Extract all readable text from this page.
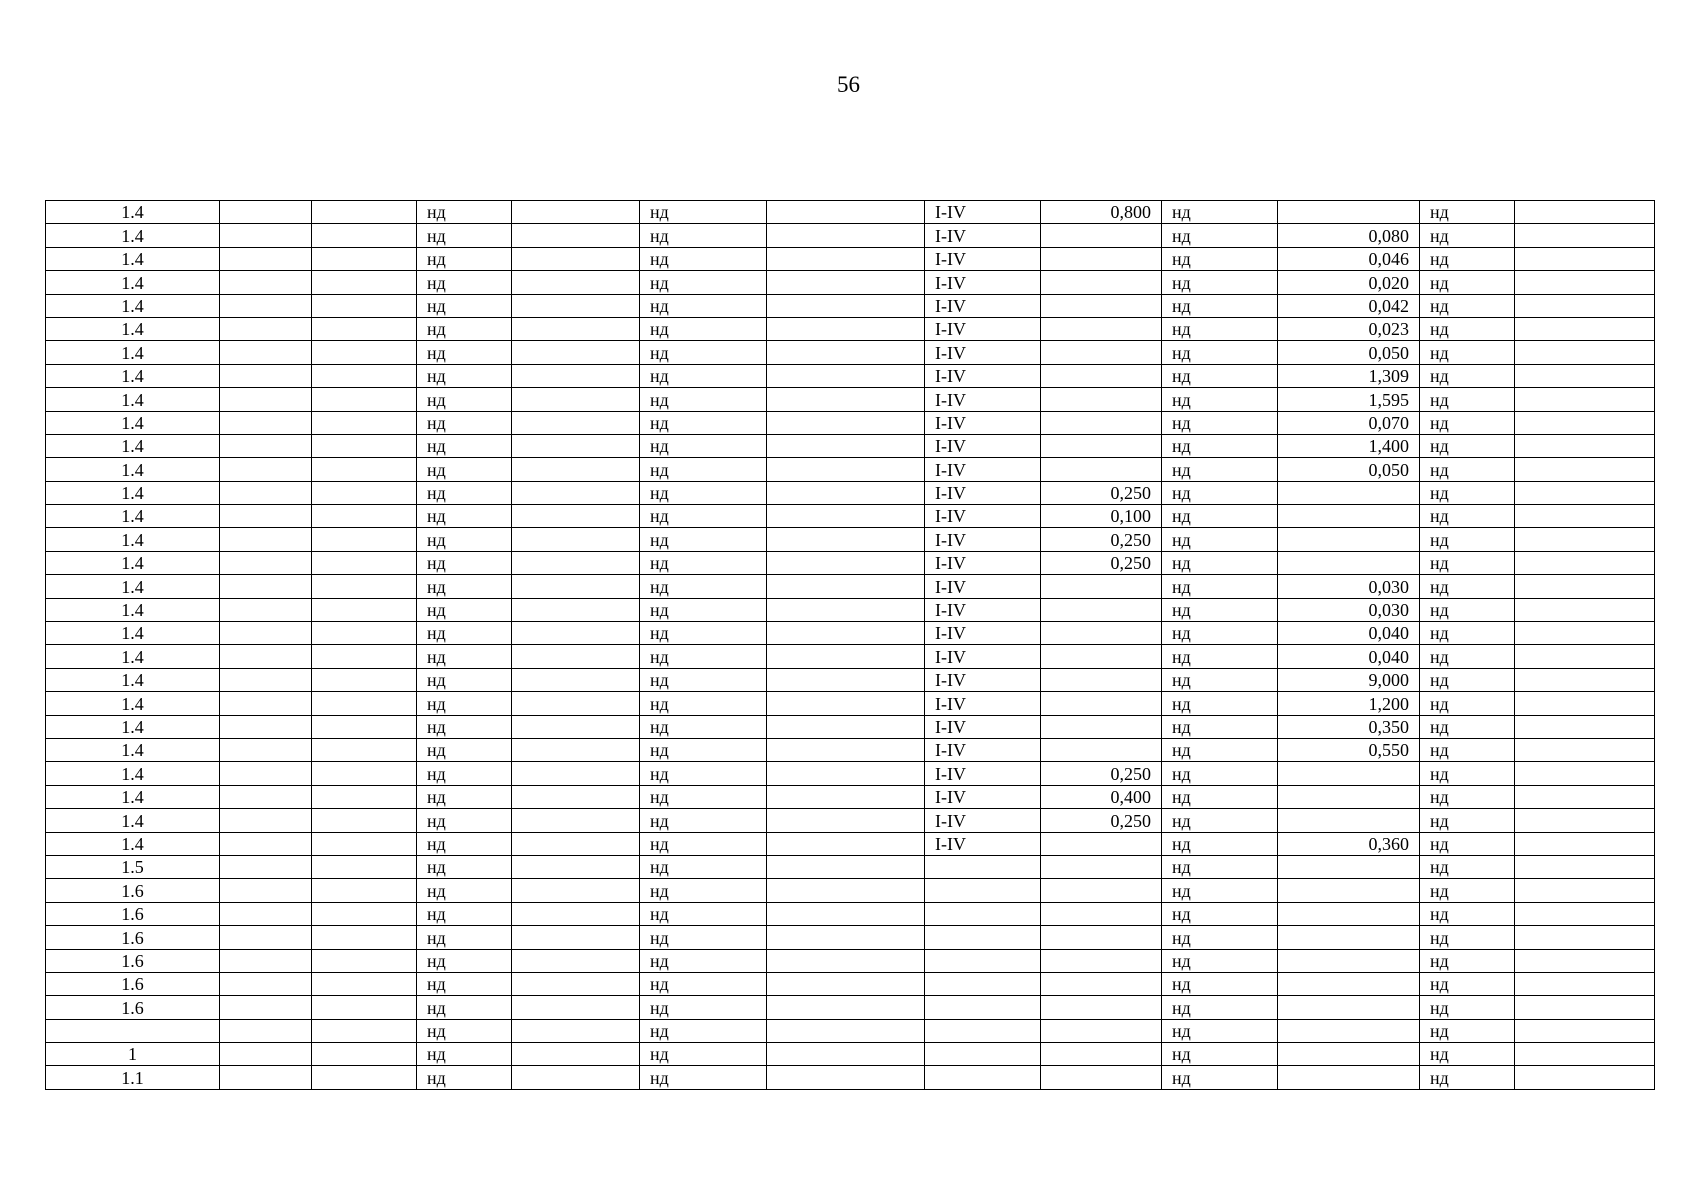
56
1.4			нд		нд		I-IV	0,800	нд		нд	
1.4			нд		нд		I-IV		нд	0,080	нд	
1.4			нд		нд		I-IV		нд	0,046	нд	
1.4			нд		нд		I-IV		нд	0,020	нд	
1.4			нд		нд		I-IV		нд	0,042	нд	
1.4			нд		нд		I-IV		нд	0,023	нд	
1.4			нд		нд		I-IV		нд	0,050	нд	
1.4			нд		нд		I-IV		нд	1,309	нд	
1.4			нд		нд		I-IV		нд	1,595	нд	
1.4			нд		нд		I-IV		нд	0,070	нд	
1.4			нд		нд		I-IV		нд	1,400	нд	
1.4			нд		нд		I-IV		нд	0,050	нд	
1.4			нд		нд		I-IV	0,250	нд		нд	
1.4			нд		нд		I-IV	0,100	нд		нд	
1.4			нд		нд		I-IV	0,250	нд		нд	
1.4			нд		нд		I-IV	0,250	нд		нд	
1.4			нд		нд		I-IV		нд	0,030	нд	
1.4			нд		нд		I-IV		нд	0,030	нд	
1.4			нд		нд		I-IV		нд	0,040	нд	
1.4			нд		нд		I-IV		нд	0,040	нд	
1.4			нд		нд		I-IV		нд	9,000	нд	
1.4			нд		нд		I-IV		нд	1,200	нд	
1.4			нд		нд		I-IV		нд	0,350	нд	
1.4			нд		нд		I-IV		нд	0,550	нд	
1.4			нд		нд		I-IV	0,250	нд		нд	
1.4			нд		нд		I-IV	0,400	нд		нд	
1.4			нд		нд		I-IV	0,250	нд		нд	
1.4			нд		нд		I-IV		нд	0,360	нд	
1.5			нд		нд				нд		нд	
1.6			нд		нд				нд		нд	
1.6			нд		нд				нд		нд	
1.6			нд		нд				нд		нд	
1.6			нд		нд				нд		нд	
1.6			нд		нд				нд		нд	
1.6			нд		нд				нд		нд	
			нд		нд				нд		нд	
1			нд		нд				нд		нд	
1.1			нд		нд				нд		нд	
